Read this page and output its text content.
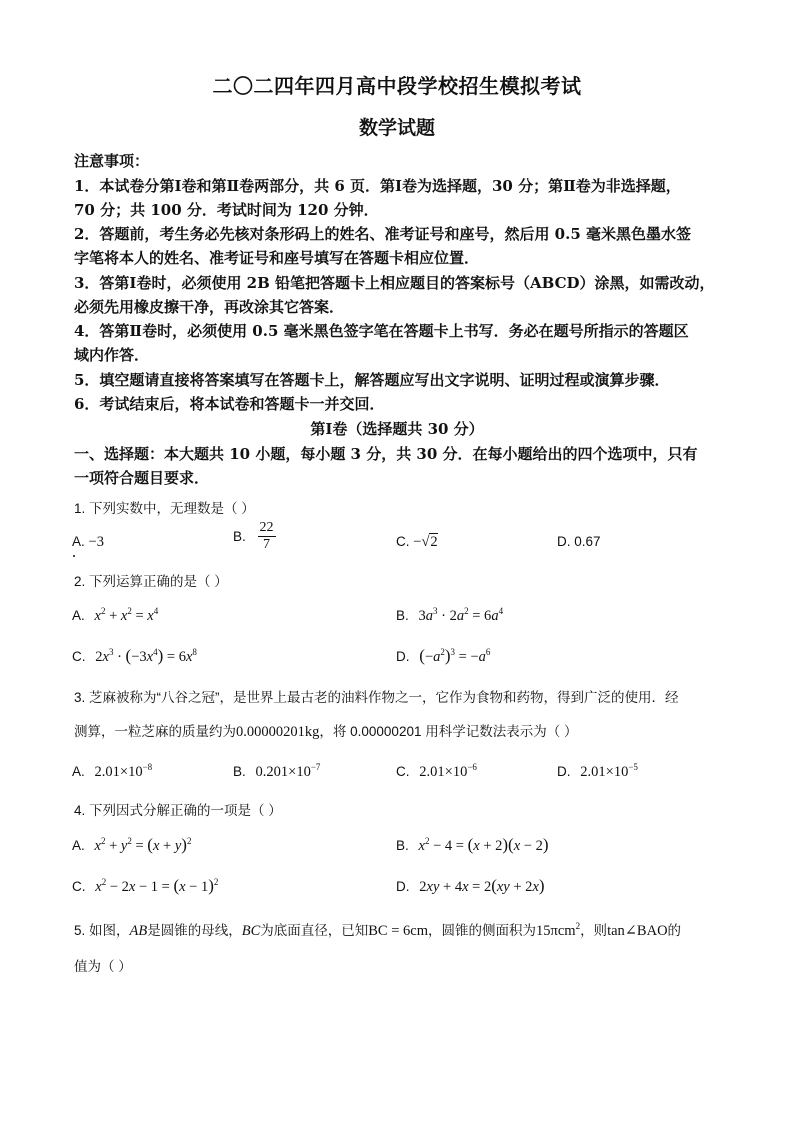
二〇二四年四月高中段学校招生模拟考试
数学试题
注意事项：
1．本试卷分第Ⅰ卷和第Ⅱ卷两部分，共 6 页．第Ⅰ卷为选择题，30 分；第Ⅱ卷为非选择题，
70 分；共 100 分．考试时间为 120 分钟．
2．答题前，考生务必先核对条形码上的姓名、准考证号和座号，然后用 0.5 毫米黑色墨水签
字笔将本人的姓名、准考证号和座号填写在答题卡相应位置．
3．答第Ⅰ卷时，必须使用 2B 铅笔把答题卡上相应题目的答案标号（ABCD）涂黑，如需改动，
必须先用橡皮擦干净，再改涂其它答案．
4．答第Ⅱ卷时，必须使用 0.5 毫米黑色签字笔在答题卡上书写．务必在题号所指示的答题区
域内作答．
5．填空题请直接将答案填写在答题卡上，解答题应写出文字说明、证明过程或演算步骤．
6．考试结束后，将本试卷和答题卡一并交回．
第Ⅰ卷（选择题共 30 分）
一、选择题：本大题共 10 小题，每小题 3 分，共 30 分．在每小题给出的四个选项中，只有
一项符合题目要求．
1. 下列实数中，无理数是（ ）
A. −3	B. $\frac{22}{7}$	C. −√2	D. 0.67
2. 下列运算正确的是（ ）
A. $x^2 + x^2 = x^4$	B. $3a^3 \cdot 2a^2 = 6a^4$
C. $2x^3 \cdot (-3x^4) = 6x^8$	D. $(-a^2)^3 = -a^6$
3. 芝麻被称为“八谷之冠”，是世界上最古老的油料作物之一，它作为食物和药物，得到广泛的使用．经
测算，一粒芝麻的质量约为0.00000201kg，将 0.00000201 用科学记数法表示为（ ）
A. $2.01\times 10^{-8}$	B. $0.201\times 10^{-7}$	C. $2.01\times 10^{-6}$	D. $2.01\times 10^{-5}$
4. 下列因式分解正确的一项是（ ）
A. $x^2 + y^2 = (x + y)^2$	B. $x^2 - 4 = (x + 2)(x - 2)$
C. $x^2 - 2x - 1 = (x - 1)^2$	D. 2xy + 4x = 2(xy + 2x)
5. 如图，AB是圆锥的母线，BC为底面直径，已知BC = 6cm，圆锥的侧面积为15πcm$^2$，则tan∠BAO的
值为（ ）
